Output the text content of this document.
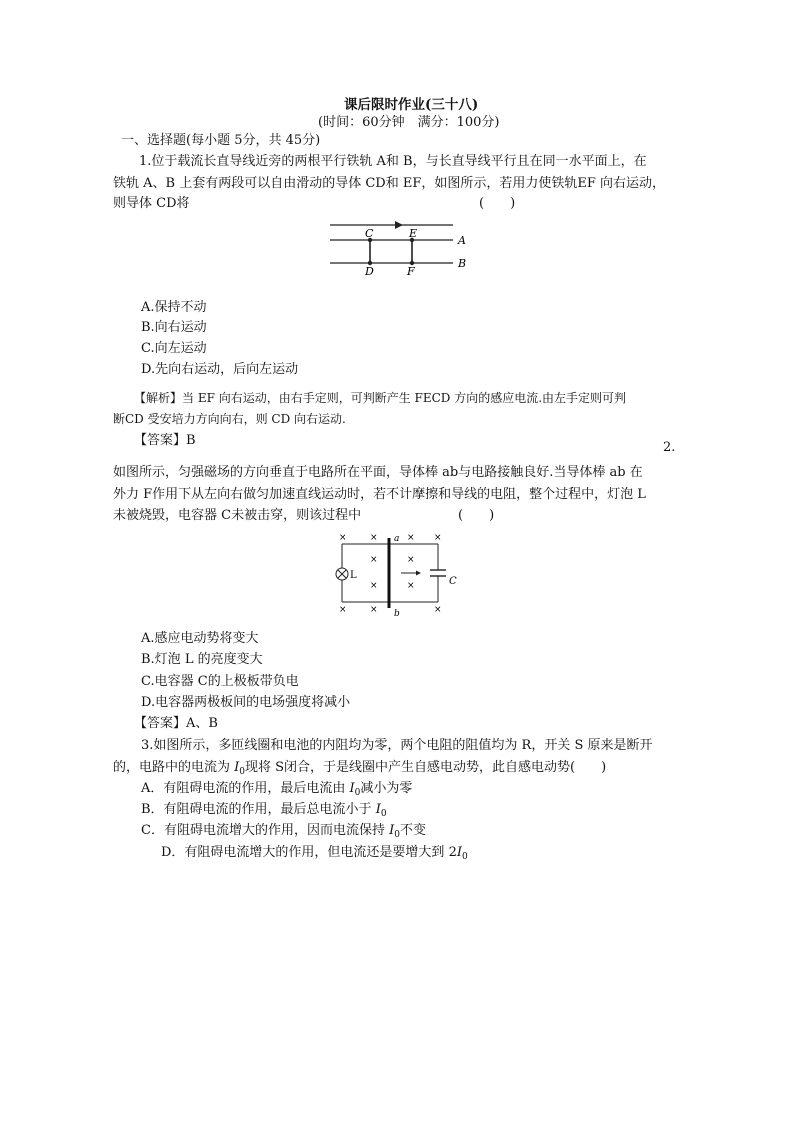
课后限时作业(三十八)
(时间：60分钟　满分：100分)
一、选择题(每小题 5分，共 45分)
1.位于载流长直导线近旁的两根平行铁轨 A和 B，与长直导线平行且在同一水平面上，在
铁轨 A、B 上套有两段可以自由滑动的导体 CD和 EF，如图所示，若用力使铁轨EF 向右运动，
则导体 CD将	(　　)
C	E
A
D	F
B
A.保持不动
B.向右运动
C.向左运动
D.先向右运动，后向左运动
【解析】当 EF 向右运动，由右手定则，可判断产生 FECD 方向的感应电流.由左手定则可判
断CD 受安培力方向向右，则 CD 向右运动.
【答案】B	2.
如图所示，匀强磁场的方向垂直于电路所在平面，导体棒 ab与电路接触良好.当导体棒 ab 在
外力 F作用下从左向右做匀加速直线运动时，若不计摩擦和导线的电阻，整个过程中，灯泡 L
未被烧毁，电容器 C未被击穿，则该过程中	(　　)
L
C
a
b
×	×	× ×
×	×
×	×
×	×	×
A.感应电动势将变大
B.灯泡 L 的亮度变大
C.电容器 C的上极板带负电
D.电容器两极板间的电场强度将减小
【答案】A、B
3.如图所示，多匝线圈和电池的内阻均为零，两个电阻的阻值均为 R，开关 S 原来是断开
的，电路中的电流为 $I_0$现将 S闭合，于是线圈中产生自感电动势，此自感电动势(　　)
A．有阻碍电流的作用，最后电流由 $I_0$减小为零
B．有阻碍电流的作用，最后总电流小于 $I_0$
C．有阻碍电流增大的作用，因而电流保持 $I_0$不变
D．有阻碍电流增大的作用，但电流还是要增大到 $2I_0$
